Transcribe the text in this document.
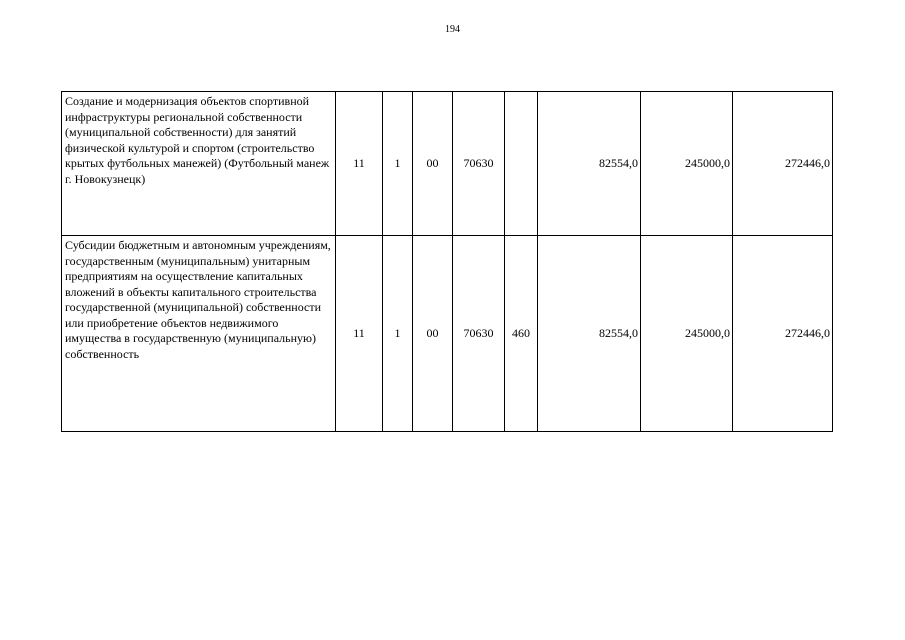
194
Создание и модернизация объектов спортивной инфраструктуры региональной собственности (муниципальной собственности) для занятий физической культурой и спортом (строительство крытых футбольных манежей) (Футбольный манеж г. Новокузнецк)	11	1	00	70630		82554,0	245000,0	272446,0
Субсидии бюджетным и автономным учреждениям, государственным (муниципальным) унитарным предприятиям на осуществление капитальных вложений в объекты капитального строительства государственной (муниципальной) собственности или приобретение объектов недвижимого имущества в государственную (муниципальную) собственность	11	1	00	70630	460	82554,0	245000,0	272446,0
